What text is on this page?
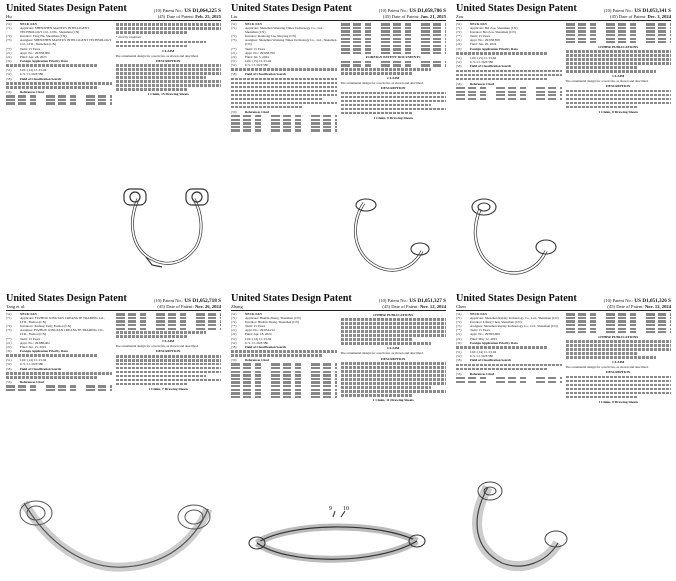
United States Design Patent	(10) Patent No.: US D1,064,225 S
Hu	(45) Date of Patent: Feb. 25, 2025
(54)	NECK FAN
(71)	Applicant: SHENZHEN MANTUS INTELLIGENT TECHNOLOGY CO., LTD., Shenzhen (CN)
(72)	Inventor: Feng Hu, Shenzhen (CN)
(73)	Assignee: SHENZHEN MANTUS INTELLIGENT TECHNOLOGY CO., LTD., Shenzhen (CN)
(**)	Term: 15 Years
(21)	Appl. No.: 29/856,000
(22)	Filed: Apr. 28, 2023
(30)	Foreign Application Priority Data
(51)	LOC (14) Cl. 23-04
(52)	U.S. Cl. D23/380
(58)	Field of Classification Search
(56)	References Cited
* cited by examiner
CLAIM
The ornamental design for a neck fan, as shown and described.
DESCRIPTION
1 Claim, 15 Drawing Sheets
United States Design Patent	(10) Patent No.: US D1,058,786 S
Liu	(45) Date of Patent: Jan. 21, 2025
(54)	NECK FAN
(71)	Applicant: Shenzhen Wanxing Times Technology Co., Ltd., Shenzhen (CN)
(72)	Inventor: Rouhong Liu, Xinyang (CN)
(73)	Assignee: Shenzhen Wanxing Times Technology Co., Ltd., Shenzhen (CN)
(**)	Term: 15 Years
(21)	Appl. No.: 29/958,700
(22)	Filed: Jul. 5, 2024
(51)	LOC (15) Cl. 23-04
(52)	U.S. Cl. D23/380
(58)	Field of Classification Search
(56)	References Cited
FOREIGN PATENT DOCUMENTS
CLAIM
The ornamental design for a neck fan, as shown and described.
DESCRIPTION
1 Claim, 8 Drawing Sheets
United States Design Patent	(10) Patent No.: US D1,053,341 S
Zou	(45) Date of Patent: Dec. 3, 2024
(54)	NECK FAN
(71)	Applicant: Bei Zou, Shenzhen (CN)
(72)	Inventor: Bei Zou, Shenzhen (CN)
(**)	Term: 15 Years
(21)	Appl. No.: 29/958,858
(22)	Filed: Jun. 29, 2024
(30)	Foreign Application Priority Data
(51)	LOC (15) Cl. 23-04
(52)	U.S. Cl. D23/380
(58)	Field of Classification Search
(56)	References Cited
OTHER PUBLICATIONS
CLAIM
The ornamental design for a neck fan, as shown and described.
DESCRIPTION
1 Claim, 8 Drawing Sheets
United States Design Patent	(10) Patent No.: US D1,052,718 S
Tang et al.	(45) Date of Patent: Nov. 26, 2024
(54)	NECK FAN
(71)	Applicant: FUZHOU JONGTAN CREANGTE TRADING CO., LTD., Fuzhou (CN)
(72)	Inventors: Junfeng Tang; Fuzhou (CN)
(73)	Assignee: FUZHOU JONGTAN CREANGTE TRADING CO., LTD., Fuzhou (CN)
(**)	Term: 15 Years
(21)	Appl. No.: 29/886,402
(22)	Filed: Jan. 15, 2025
(30)	Foreign Application Priority Data
(51)	LOC (14) Cl. 23-04
(52)	U.S. Cl. D23/380
(58)	Field of Classification Search
(56)	References Cited
CLAIM
The ornamental design for a neck fan, as shown and described.
DESCRIPTION
1 Claim, 7 Drawing Sheets
United States Design Patent	(10) Patent No.: US D1,051,327 S
Zhang	(45) Date of Patent: Nov. 12, 2024
(54)	NECK FAN
(71)	Applicant: Huabin Zhang, Shenzhen (CN)
(72)	Inventor: Huabin Zhang, Shenzhen (CN)
(**)	Term: 15 Years
(21)	Appl. No.: 29/934,212
(22)	Filed: Apr. 18, 2024
(51)	LOC (14) Cl. 23-04
(52)	U.S. Cl. D23/380
(58)	Field of Classification Search
(56)	References Cited
OTHER PUBLICATIONS
CLAIM
The ornamental design for a neck fan, as shown and described.
DESCRIPTION
1 Claim, 11 Drawing Sheets
9 10
United States Design Patent	(10) Patent No.: US D1,051,326 S
Chen	(45) Date of Patent: Nov. 12, 2024
(54)	NECK FAN
(71)	Applicant: Shenzhen Rapley Technology Co., Ltd., Shenzhen (CN)
(72)	Inventor: Lifang Chen, Shenzhen (CN)
(73)	Assignee: Shenzhen Rapley Technology Co., Ltd., Shenzhen (CN)
(**)	Term: 15 Years
(21)	Appl. No.: 29/893,609
(22)	Filed: May 12, 2023
(30)	Foreign Application Priority Data
(51)	LOC (14) Cl. 23-04
(52)	U.S. Cl. D23/380
(58)	Field of Classification Search
(56)	References Cited
OTHER PUBLICATIONS
CLAIM
The ornamental design for a neck fan, as shown and described.
DESCRIPTION
1 Claim, 8 Drawing Sheets
